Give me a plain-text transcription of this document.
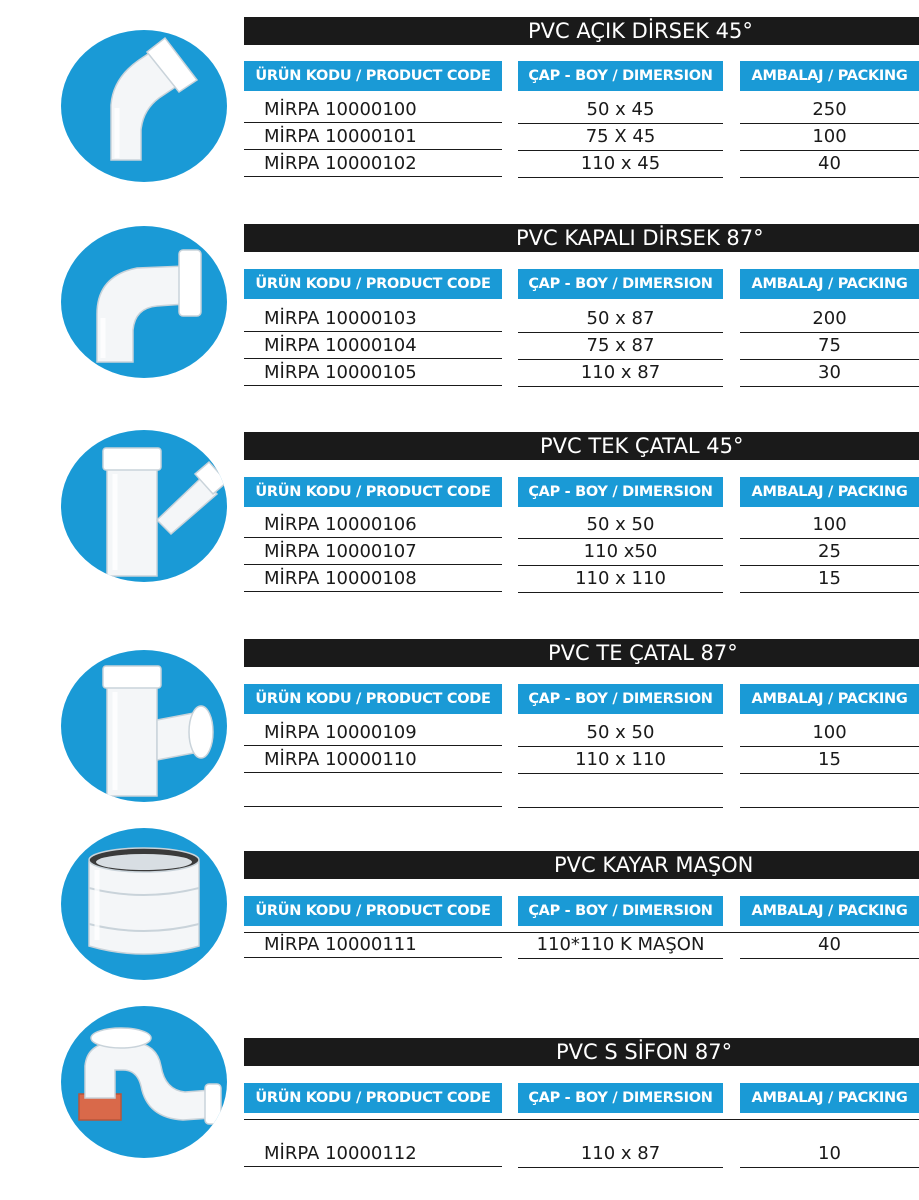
PVC AÇIK DİRSEK 45°
ÜRÜN KODU / PRODUCT CODE	ÇAP - BOY / DIMERSION	AMBALAJ / PACKING
MİRPA 10000100	50 x 45	250
MİRPA 10000101	75 X 45	100
MİRPA 10000102	110 x 45	40
PVC KAPALI DİRSEK 87°
ÜRÜN KODU / PRODUCT CODE	ÇAP - BOY / DIMERSION	AMBALAJ / PACKING
MİRPA 10000103	50 x 87	200
MİRPA 10000104	75 x 87	75
MİRPA 10000105	110 x 87	30
PVC TEK ÇATAL 45°
ÜRÜN KODU / PRODUCT CODE	ÇAP - BOY / DIMERSION	AMBALAJ / PACKING
MİRPA 10000106	50 x 50	100
MİRPA 10000107	110 x50	25
MİRPA 10000108	110 x 110	15
PVC TE ÇATAL 87°
ÜRÜN KODU / PRODUCT CODE	ÇAP - BOY / DIMERSION	AMBALAJ / PACKING
MİRPA 10000109	50 x 50	100
MİRPA 10000110	110 x 110	15
PVC KAYAR MAŞON
ÜRÜN KODU / PRODUCT CODE	ÇAP - BOY / DIMERSION	AMBALAJ / PACKING
MİRPA 10000111	110*110 K MAŞON	40
PVC S SİFON 87°
ÜRÜN KODU / PRODUCT CODE	ÇAP - BOY / DIMERSION	AMBALAJ / PACKING
MİRPA 10000112	110 x 87	10
